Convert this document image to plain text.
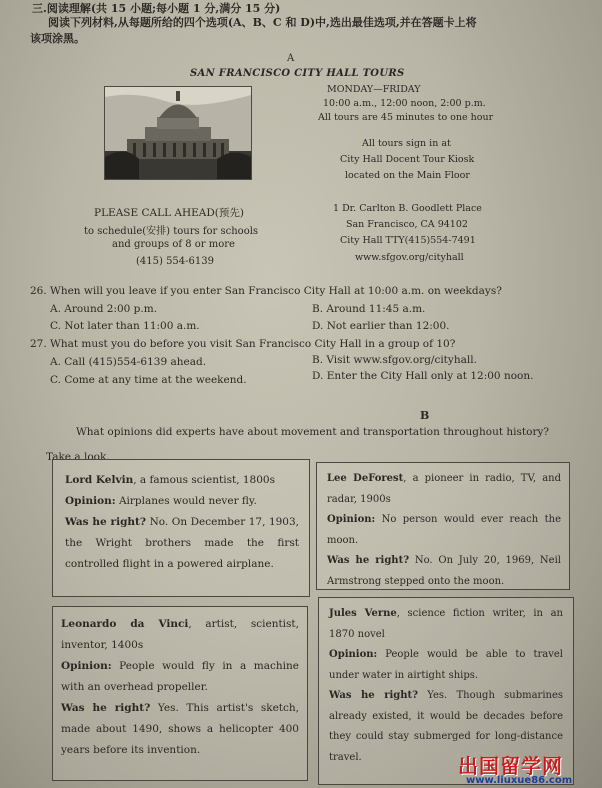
三.阅读理解(共 15 小题;每小题 1 分,满分 15 分)
阅读下列材料,从每题所给的四个选项(A、B、C 和 D)中,选出最佳选项,并在答题卡上将
该项涂黑。
A
SAN FRANCISCO CITY HALL TOURS
MONDAY—FRIDAY
10:00 a.m., 12:00 noon, 2:00 p.m.
All tours are 45 minutes to one hour
All tours sign in at
City Hall Docent Tour Kiosk
located on the Main Floor
PLEASE CALL AHEAD(预先)
to schedule(安排) tours for schools
and groups of 8 or more
(415) 554-6139
1 Dr. Carlton B. Goodlett Place
San Francisco, CA 94102
City Hall TTY(415)554-7491
www.sfgov.org/cityhall
26. When will you leave if you enter San Francisco City Hall at 10:00 a.m. on weekdays?
A. Around 2:00 p.m.	B. Around 11:45 a.m.
C. Not later than 11:00 a.m.	D. Not earlier than 12:00.
27. What must you do before you visit San Francisco City Hall in a group of 10?
A. Call (415)554-6139 ahead.	B. Visit www.sfgov.org/cityhall.
C. Come at any time at the weekend.	D. Enter the City Hall only at 12:00 noon.
B
What opinions did experts have about movement and transportation throughout history?
Take a look.

Lord Kelvin, a famous scientist, 1800s

Opinion: Airplanes would never fly.

Was he right? No. On December 17, 1903, the Wright brothers made the first controlled flight in a powered airplane.

Lee DeForest, a pioneer in radio, TV, and radar, 1900s

Opinion: No person would ever reach the moon.

Was he right? No. On July 20, 1969, Neil Armstrong stepped onto the moon.

Leonardo da Vinci, artist, scientist, inventor, 1400s

Opinion: People would fly in a machine with an overhead propeller.

Was he right? Yes. This artist's sketch, made about 1490, shows a helicopter 400 years before its invention.

Jules Verne, science fiction writer, in an 1870 novel

Opinion: People would be able to travel under water in airtight ships.

Was he right? Yes. Though submarines already existed, it would be decades before they could stay submerged for long-distance travel.	出国留学网
www.liuxue86.com
